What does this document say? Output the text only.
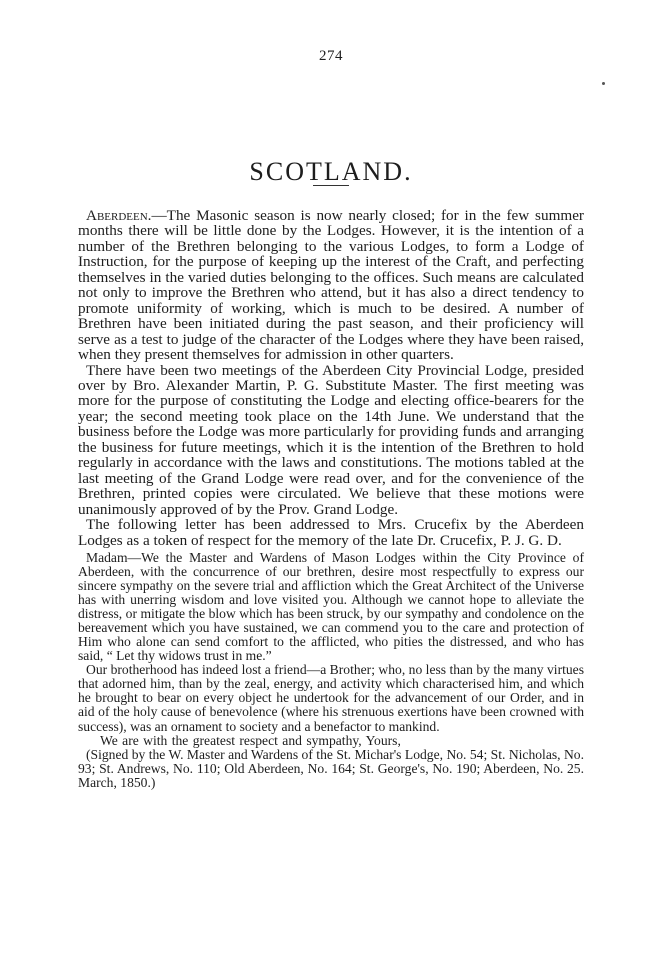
274
SCOTLAND.

Aberdeen.—The Masonic season is now nearly closed; for in the few summer months there will be little done by the Lodges. However, it is the intention of a number of the Brethren belonging to the various Lodges, to form a Lodge of Instruction, for the purpose of keeping up the interest of the Craft, and perfecting themselves in the varied duties belonging to the offices. Such means are calculated not only to improve the Brethren who attend, but it has also a direct tendency to promote uniformity of working, which is much to be desired. A number of Brethren have been initiated during the past season, and their proficiency will serve as a test to judge of the character of the Lodges where they have been raised, when they present themselves for admission in other quarters.

There have been two meetings of the Aberdeen City Provincial Lodge, presided over by Bro. Alexander Martin, P. G. Substitute Master. The first meeting was more for the purpose of constituting the Lodge and electing office-bearers for the year; the second meeting took place on the 14th June. We understand that the business before the Lodge was more particularly for providing funds and arranging the business for future meetings, which it is the intention of the Brethren to hold regularly in accordance with the laws and constitutions. The motions tabled at the last meeting of the Grand Lodge were read over, and for the convenience of the Brethren, printed copies were circulated. We believe that these motions were unanimously approved of by the Prov. Grand Lodge.

The following letter has been addressed to Mrs. Crucefix by the Aberdeen Lodges as a token of respect for the memory of the late Dr. Crucefix, P. J. G. D.

Madam—We the Master and Wardens of Mason Lodges within the City Province of Aberdeen, with the concurrence of our brethren, desire most respectfully to express our sincere sympathy on the severe trial and affliction which the Great Architect of the Universe has with unerring wisdom and love visited you. Although we cannot hope to alleviate the distress, or mitigate the blow which has been struck, by our sympathy and condolence on the bereavement which you have sustained, we can commend you to the care and protection of Him who alone can send comfort to the afflicted, who pities the distressed, and who has said, “ Let thy widows trust in me.”

Our brotherhood has indeed lost a friend—a Brother; who, no less than by the many virtues that adorned him, than by the zeal, energy, and activity which characterised him, and which he brought to bear on every object he undertook for the advancement of our Order, and in aid of the holy cause of benevolence (where his strenuous exertions have been crowned with success), was an ornament to society and a benefactor to mankind.

We are with the greatest respect and sympathy, Yours,

(Signed by the W. Master and Wardens of the St. Michar's Lodge, No. 54; St. Nicholas, No. 93; St. Andrews, No. 110; Old Aberdeen, No. 164; St. George's, No. 190; Aberdeen, No. 25. March, 1850.)
